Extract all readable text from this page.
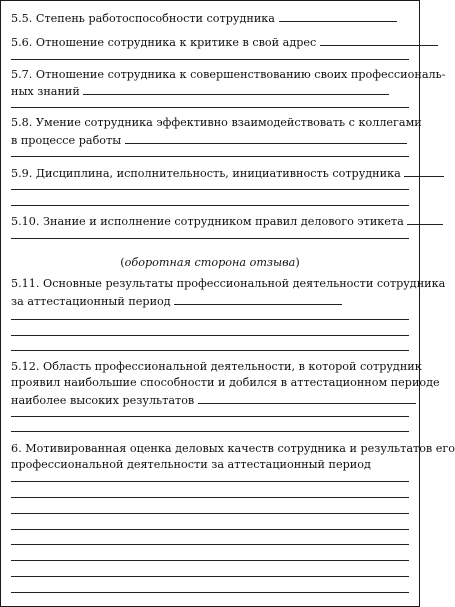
5.5. Степень работоспособности сотрудника
5.6. Отношение сотрудника к критике в свой адрес
5.7. Отношение сотрудника к совершенствованию своих профессиональ-
ных знаний
5.8. Умение сотрудника эффективно взаимодействовать с коллегами
в процессе работы
5.9. Дисциплина, исполнительность, инициативность сотрудника
5.10. Знание и исполнение сотрудником правил делового этикета
(оборотная сторона отзыва)
5.11. Основные результаты профессиональной деятельности сотрудника
за аттестационный период
5.12. Область профессиональной деятельности, в которой сотрудник
проявил наибольшие способности и добился в аттестационном периоде
наиболее высоких результатов
6. Мотивированная оценка деловых качеств сотрудника и результатов его
профессиональной деятельности за аттестационный период
